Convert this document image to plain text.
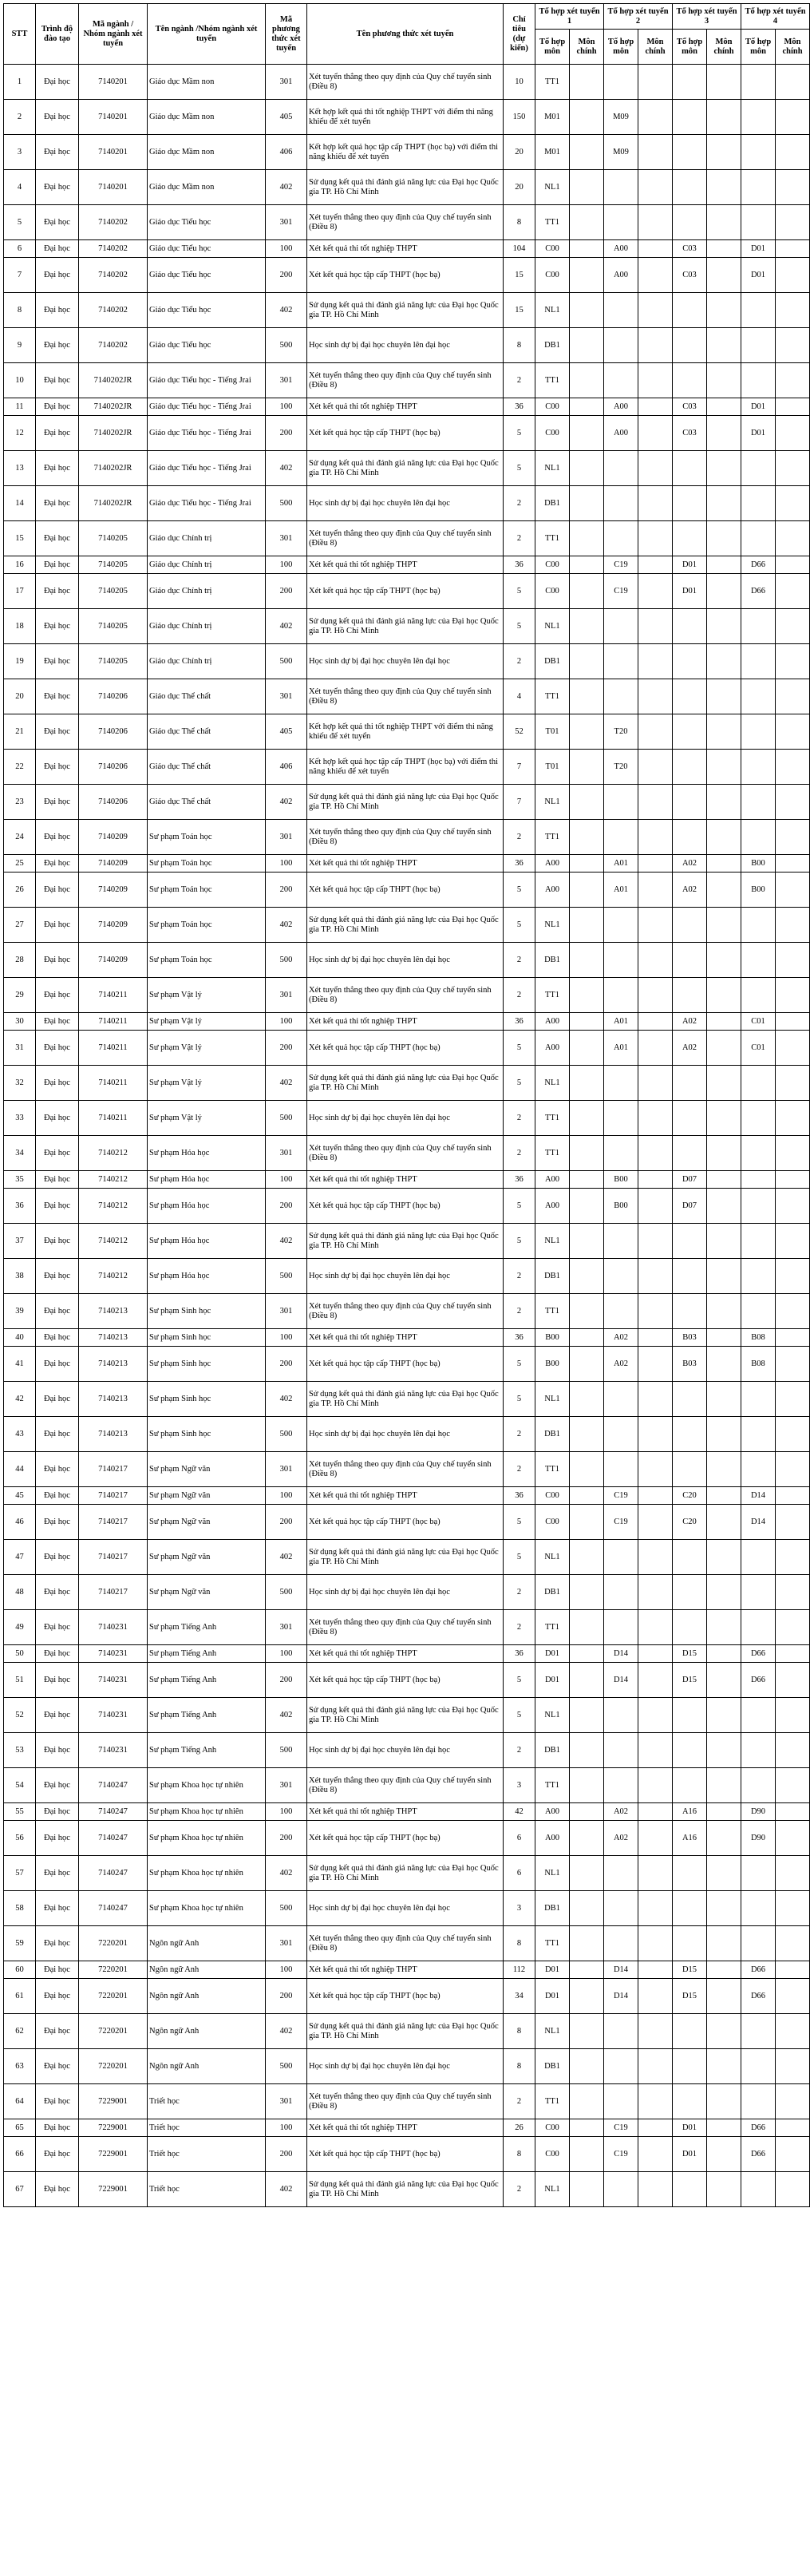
STT	Trình độ đào tạo	Mã ngành / Nhóm ngành xét tuyển	Tên ngành /Nhóm ngành xét tuyển	Mã phương thức xét tuyển	Tên phương thức xét tuyển	Chỉ tiêu (dự kiến)	Tổ hợp xét tuyển 1		Tổ hợp xét tuyển 2		Tổ hợp xét tuyển 3		Tổ hợp xét tuyển 4	
							Tổ hợp môn	Môn chính	Tổ hợp môn	Môn chính	Tổ hợp môn	Môn chính	Tổ hợp môn	Môn chính
1	Đại học	7140201	Giáo dục Mầm non	301	Xét tuyển thẳng theo quy định của Quy chế tuyển sinh (Điều 8)	10	TT1							
2	Đại học	7140201	Giáo dục Mầm non	405	Kết hợp kết quả thi tốt nghiệp THPT với điểm thi năng khiếu để xét tuyển	150	M01		M09					
3	Đại học	7140201	Giáo dục Mầm non	406	Kết hợp kết quả học tập cấp THPT (học bạ) với điểm thi năng khiếu để xét tuyển	20	M01		M09					
4	Đại học	7140201	Giáo dục Mầm non	402	Sử dụng kết quả thi đánh giá năng lực của Đại học Quốc gia TP. Hồ Chí Minh	20	NL1							
5	Đại học	7140202	Giáo dục Tiểu học	301	Xét tuyển thẳng theo quy định của Quy chế tuyển sinh (Điều 8)	8	TT1							
6	Đại học	7140202	Giáo dục Tiểu học	100	Xét kết quả thi tốt nghiệp THPT	104	C00		A00		C03		D01	
7	Đại học	7140202	Giáo dục Tiểu học	200	Xét kết quả học tập cấp THPT (học bạ)	15	C00		A00		C03		D01	
8	Đại học	7140202	Giáo dục Tiểu học	402	Sử dụng kết quả thi đánh giá năng lực của Đại học Quốc gia TP. Hồ Chí Minh	15	NL1							
9	Đại học	7140202	Giáo dục Tiểu học	500	Học sinh dự bị đại học chuyên lên đại học	8	DB1							
10	Đại học	7140202JR	Giáo dục Tiểu học - Tiếng Jrai	301	Xét tuyển thẳng theo quy định của Quy chế tuyển sinh (Điều 8)	2	TT1							
11	Đại học	7140202JR	Giáo dục Tiểu học - Tiếng Jrai	100	Xét kết quả thi tốt nghiệp THPT	36	C00		A00		C03		D01	
12	Đại học	7140202JR	Giáo dục Tiểu học - Tiếng Jrai	200	Xét kết quả học tập cấp THPT (học bạ)	5	C00		A00		C03		D01	
13	Đại học	7140202JR	Giáo dục Tiểu học - Tiếng Jrai	402	Sử dụng kết quả thi đánh giá năng lực của Đại học Quốc gia TP. Hồ Chí Minh	5	NL1							
14	Đại học	7140202JR	Giáo dục Tiểu học - Tiếng Jrai	500	Học sinh dự bị đại học chuyên lên đại học	2	DB1							
15	Đại học	7140205	Giáo dục Chính trị	301	Xét tuyển thẳng theo quy định của Quy chế tuyển sinh (Điều 8)	2	TT1							
16	Đại học	7140205	Giáo dục Chính trị	100	Xét kết quả thi tốt nghiệp THPT	36	C00		C19		D01		D66	
17	Đại học	7140205	Giáo dục Chính trị	200	Xét kết quả học tập cấp THPT (học bạ)	5	C00		C19		D01		D66	
18	Đại học	7140205	Giáo dục Chính trị	402	Sử dụng kết quả thi đánh giá năng lực của Đại học Quốc gia TP. Hồ Chí Minh	5	NL1							
19	Đại học	7140205	Giáo dục Chính trị	500	Học sinh dự bị đại học chuyên lên đại học	2	DB1							
20	Đại học	7140206	Giáo dục Thể chất	301	Xét tuyển thẳng theo quy định của Quy chế tuyển sinh (Điều 8)	4	TT1							
21	Đại học	7140206	Giáo dục Thể chất	405	Kết hợp kết quả thi tốt nghiệp THPT với điểm thi năng khiếu để xét tuyển	52	T01		T20					
22	Đại học	7140206	Giáo dục Thể chất	406	Kết hợp kết quả học tập cấp THPT (học bạ) với điểm thi năng khiếu để xét tuyển	7	T01		T20					
23	Đại học	7140206	Giáo dục Thể chất	402	Sử dụng kết quả thi đánh giá năng lực của Đại học Quốc gia TP. Hồ Chí Minh	7	NL1							
24	Đại học	7140209	Sư phạm Toán học	301	Xét tuyển thẳng theo quy định của Quy chế tuyển sinh (Điều 8)	2	TT1							
25	Đại học	7140209	Sư phạm Toán học	100	Xét kết quả thi tốt nghiệp THPT	36	A00		A01		A02		B00	
26	Đại học	7140209	Sư phạm Toán học	200	Xét kết quả học tập cấp THPT (học bạ)	5	A00		A01		A02		B00	
27	Đại học	7140209	Sư phạm Toán học	402	Sử dụng kết quả thi đánh giá năng lực của Đại học Quốc gia TP. Hồ Chí Minh	5	NL1							
28	Đại học	7140209	Sư phạm Toán học	500	Học sinh dự bị đại học chuyên lên đại học	2	DB1							
29	Đại học	7140211	Sư phạm Vật lý	301	Xét tuyển thẳng theo quy định của Quy chế tuyển sinh (Điều 8)	2	TT1							
30	Đại học	7140211	Sư phạm Vật lý	100	Xét kết quả thi tốt nghiệp THPT	36	A00		A01		A02		C01	
31	Đại học	7140211	Sư phạm Vật lý	200	Xét kết quả học tập cấp THPT (học bạ)	5	A00		A01		A02		C01	
32	Đại học	7140211	Sư phạm Vật lý	402	Sử dụng kết quả thi đánh giá năng lực của Đại học Quốc gia TP. Hồ Chí Minh	5	NL1							
33	Đại học	7140211	Sư phạm Vật lý	500	Học sinh dự bị đại học chuyên lên đại học	2	TT1							
34	Đại học	7140212	Sư phạm Hóa học	301	Xét tuyển thẳng theo quy định của Quy chế tuyển sinh (Điều 8)	2	TT1							
35	Đại học	7140212	Sư phạm Hóa học	100	Xét kết quả thi tốt nghiệp THPT	36	A00		B00		D07			
36	Đại học	7140212	Sư phạm Hóa học	200	Xét kết quả học tập cấp THPT (học bạ)	5	A00		B00		D07			
37	Đại học	7140212	Sư phạm Hóa học	402	Sử dụng kết quả thi đánh giá năng lực của Đại học Quốc gia TP. Hồ Chí Minh	5	NL1							
38	Đại học	7140212	Sư phạm Hóa học	500	Học sinh dự bị đại học chuyên lên đại học	2	DB1							
39	Đại học	7140213	Sư phạm Sinh học	301	Xét tuyển thẳng theo quy định của Quy chế tuyển sinh (Điều 8)	2	TT1							
40	Đại học	7140213	Sư phạm Sinh học	100	Xét kết quả thi tốt nghiệp THPT	36	B00		A02		B03		B08	
41	Đại học	7140213	Sư phạm Sinh học	200	Xét kết quả học tập cấp THPT (học bạ)	5	B00		A02		B03		B08	
42	Đại học	7140213	Sư phạm Sinh học	402	Sử dụng kết quả thi đánh giá năng lực của Đại học Quốc gia TP. Hồ Chí Minh	5	NL1							
43	Đại học	7140213	Sư phạm Sinh học	500	Học sinh dự bị đại học chuyên lên đại học	2	DB1							
44	Đại học	7140217	Sư phạm Ngữ văn	301	Xét tuyển thẳng theo quy định của Quy chế tuyển sinh (Điều 8)	2	TT1							
45	Đại học	7140217	Sư phạm Ngữ văn	100	Xét kết quả thi tốt nghiệp THPT	36	C00		C19		C20		D14	
46	Đại học	7140217	Sư phạm Ngữ văn	200	Xét kết quả học tập cấp THPT (học bạ)	5	C00		C19		C20		D14	
47	Đại học	7140217	Sư phạm Ngữ văn	402	Sử dụng kết quả thi đánh giá năng lực của Đại học Quốc gia TP. Hồ Chí Minh	5	NL1							
48	Đại học	7140217	Sư phạm Ngữ văn	500	Học sinh dự bị đại học chuyên lên đại học	2	DB1							
49	Đại học	7140231	Sư phạm Tiếng Anh	301	Xét tuyển thẳng theo quy định của Quy chế tuyển sinh (Điều 8)	2	TT1							
50	Đại học	7140231	Sư phạm Tiếng Anh	100	Xét kết quả thi tốt nghiệp THPT	36	D01		D14		D15		D66	
51	Đại học	7140231	Sư phạm Tiếng Anh	200	Xét kết quả học tập cấp THPT (học bạ)	5	D01		D14		D15		D66	
52	Đại học	7140231	Sư phạm Tiếng Anh	402	Sử dụng kết quả thi đánh giá năng lực của Đại học Quốc gia TP. Hồ Chí Minh	5	NL1							
53	Đại học	7140231	Sư phạm Tiếng Anh	500	Học sinh dự bị đại học chuyên lên đại học	2	DB1							
54	Đại học	7140247	Sư phạm Khoa học tự nhiên	301	Xét tuyển thẳng theo quy định của Quy chế tuyển sinh (Điều 8)	3	TT1							
55	Đại học	7140247	Sư phạm Khoa học tự nhiên	100	Xét kết quả thi tốt nghiệp THPT	42	A00		A02		A16		D90	
56	Đại học	7140247	Sư phạm Khoa học tự nhiên	200	Xét kết quả học tập cấp THPT (học bạ)	6	A00		A02		A16		D90	
57	Đại học	7140247	Sư phạm Khoa học tự nhiên	402	Sử dụng kết quả thi đánh giá năng lực của Đại học Quốc gia TP. Hồ Chí Minh	6	NL1							
58	Đại học	7140247	Sư phạm Khoa học tự nhiên	500	Học sinh dự bị đại học chuyên lên đại học	3	DB1							
59	Đại học	7220201	Ngôn ngữ Anh	301	Xét tuyển thẳng theo quy định của Quy chế tuyển sinh (Điều 8)	8	TT1							
60	Đại học	7220201	Ngôn ngữ Anh	100	Xét kết quả thi tốt nghiệp THPT	112	D01		D14		D15		D66	
61	Đại học	7220201	Ngôn ngữ Anh	200	Xét kết quả học tập cấp THPT (học bạ)	34	D01		D14		D15		D66	
62	Đại học	7220201	Ngôn ngữ Anh	402	Sử dụng kết quả thi đánh giá năng lực của Đại học Quốc gia TP. Hồ Chí Minh	8	NL1							
63	Đại học	7220201	Ngôn ngữ Anh	500	Học sinh dự bị đại học chuyên lên đại học	8	DB1							
64	Đại học	7229001	Triết học	301	Xét tuyển thẳng theo quy định của Quy chế tuyển sinh (Điều 8)	2	TT1							
65	Đại học	7229001	Triết học	100	Xét kết quả thi tốt nghiệp THPT	26	C00		C19		D01		D66	
66	Đại học	7229001	Triết học	200	Xét kết quả học tập cấp THPT (học bạ)	8	C00		C19		D01		D66	
67	Đại học	7229001	Triết học	402	Sử dụng kết quả thi đánh giá năng lực của Đại học Quốc gia TP. Hồ Chí Minh	2	NL1							
